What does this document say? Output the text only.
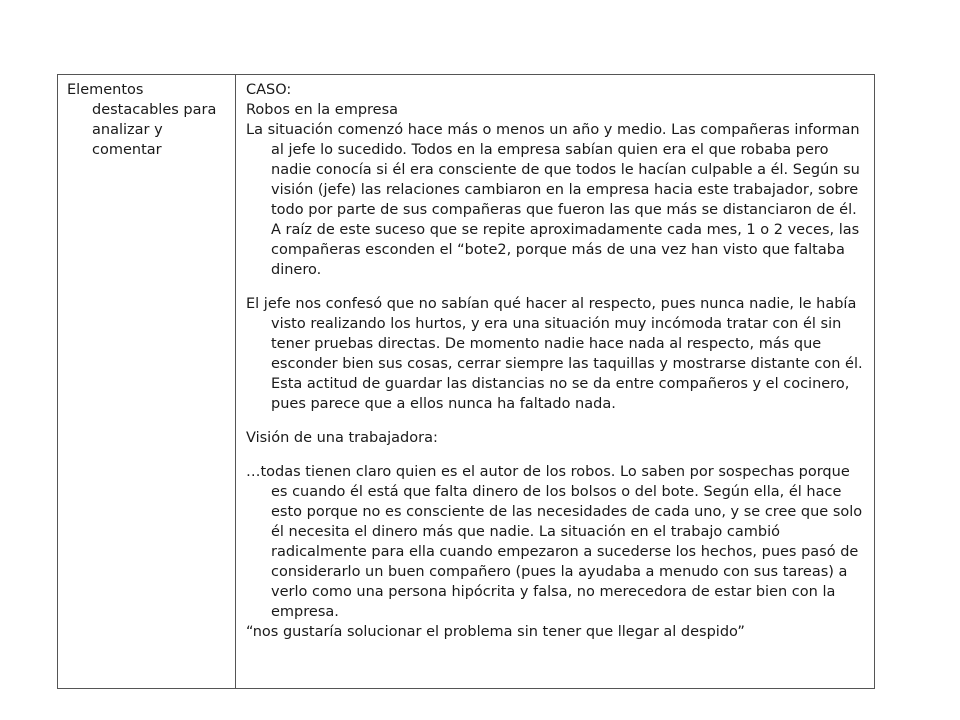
Elementos destacables para analizar y comentar

CASO:

Robos en la empresa

La situación comenzó hace más o menos un año y medio. Las compañeras informan al jefe lo sucedido. Todos en la empresa sabían quien era el que robaba pero nadie conocía si él era consciente de que todos le hacían culpable a él. Según su visión (jefe) las relaciones cambiaron en la empresa hacia este trabajador, sobre todo por parte de sus compañeras que fueron las que más se distanciaron de él. A raíz de este suceso que se repite aproximadamente cada mes, 1 o 2 veces, las compañeras esconden el “bote2, porque más de una vez han visto que faltaba dinero.

El jefe nos confesó que no sabían qué hacer al respecto, pues nunca nadie, le había visto realizando los hurtos, y era una situación muy incómoda tratar con él sin tener pruebas directas. De momento nadie hace nada al respecto, más que esconder bien sus cosas, cerrar siempre las taquillas y mostrarse distante con él. Esta actitud de guardar las distancias no se da entre compañeros y el cocinero, pues parece que a ellos nunca ha faltado nada.

Visión de una trabajadora:

…todas tienen claro quien es el autor de los robos. Lo saben por sospechas porque es cuando él está que falta dinero de los bolsos o del bote. Según ella, él hace esto porque no es consciente de las necesidades de cada uno, y se cree que solo él necesita el dinero más que nadie. La situación en el trabajo cambió radicalmente para ella cuando empezaron a sucederse los hechos, pues pasó de considerarlo un buen compañero (pues la ayudaba a menudo con sus tareas) a verlo como una persona hipócrita y falsa, no merecedora de estar bien con la empresa.

“nos gustaría solucionar el problema sin tener que llegar al despido”
